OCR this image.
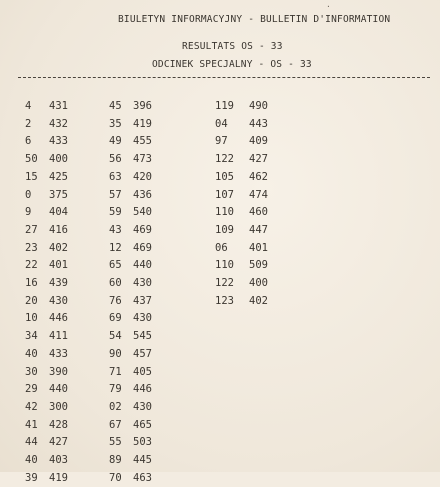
·
BIULETYN INFORMACYJNY - BULLETIN D'INFORMATION
RESULTATS OS - 33
ODCINEK SPECJALNY - OS - 33
4	431
2	432
6	433
50	400
15	425
0	375
9	404
27	416
23	402
22	401
16	439
20	430
10	446
34	411
40	433
30	390
29	440
42	300
41	428
44	427
40	403
39	419
45	396
35	419
49	455
56	473
63	420
57	436
59	540
43	469
12	469
65	440
60	430
76	437
69	430
54	545
90	457
71	405
79	446
02	430
67	465
55	503
89	445
70	463
119	490
04	443
97	409
122	427
105	462
107	474
110	460
109	447
06	401
110	509
122	400
123	402
